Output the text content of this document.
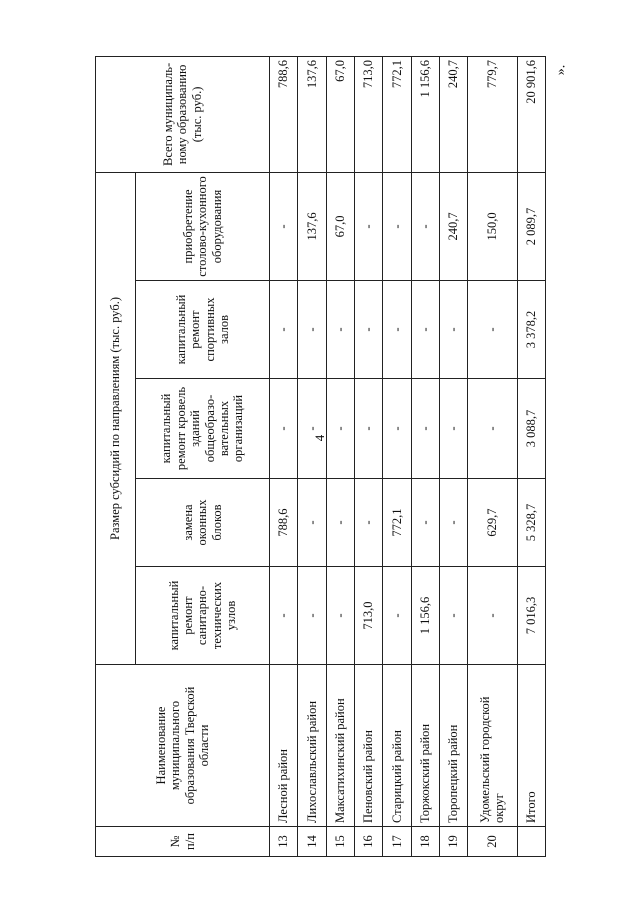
4
».
№ п/п	Наименование муниципального образования Тверской области	Размер субсидий по направлениям (тыс. руб.)					Всего муниципаль-ному образованию (тыс. руб.)
		капитальный ремонт санитарно-технических узлов	замена оконных блоков	капитальный ремонт кровель зданий общеобразо-вательных организаций	капитальный ремонт спортивных залов	приобретение столово-кухонного оборудования	
13	Лесной район	-	788,6	-	-	-	788,6
14	Лихославльский район	-	-	-	-	137,6	137,6
15	Максатихинский район	-	-	-	-	67,0	67,0
16	Пеновский район	713,0	-	-	-	-	713,0
17	Старицкий район	-	772,1	-	-	-	772,1
18	Торжокский район	1 156,6	-	-	-	-	1 156,6
19	Торопецкий район	-	-	-	-	240,7	240,7
20	Удомельский городской округ	-	629,7	-	-	150,0	779,7
	Итого	7 016,3	5 328,7	3 088,7	3 378,2	2 089,7	20 901,6
